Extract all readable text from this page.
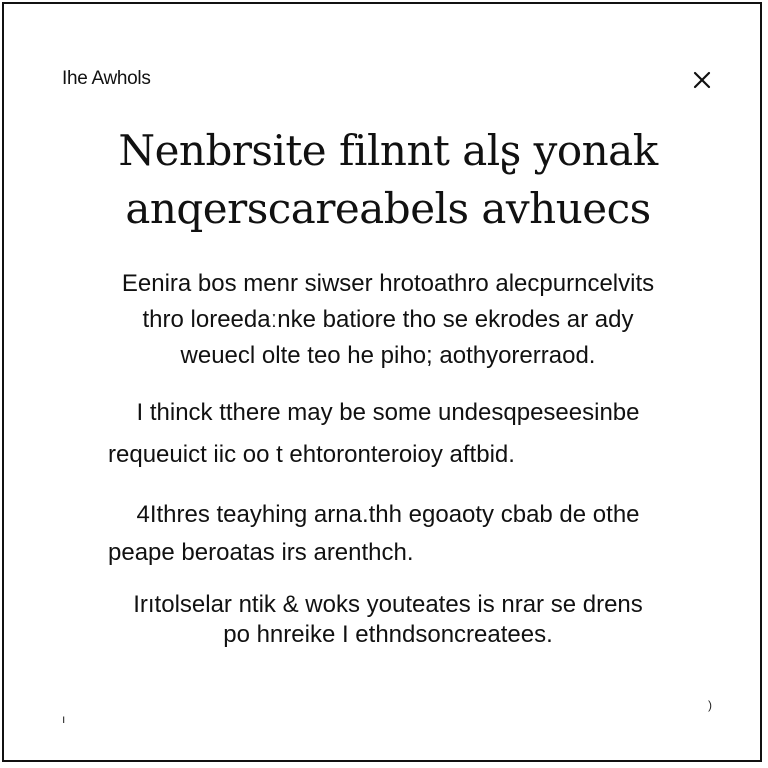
Ihe Awhols
Nenbrsite filnnt alʂ yonak
anqerscareabels avhuecs

Eenira bos menr siwser hrotoathro alecpurncelvits
thro loreedaːnke batiore tho se ekrodes ar ady
weuecl olte teo he piho; aothyorerraod.

I thinck tthere may be some undesqpeseesinbe
requeuict iic oo t ehtoronteroioy aftbid.

4Ithres teayhing arna.thh egoaoty cbab de othe
peape beroatas irs arenthch.

Irıtolselar ntik & woks youteates is nrar se drens
po hnreike I ethndsoncreatees.

ı
)
